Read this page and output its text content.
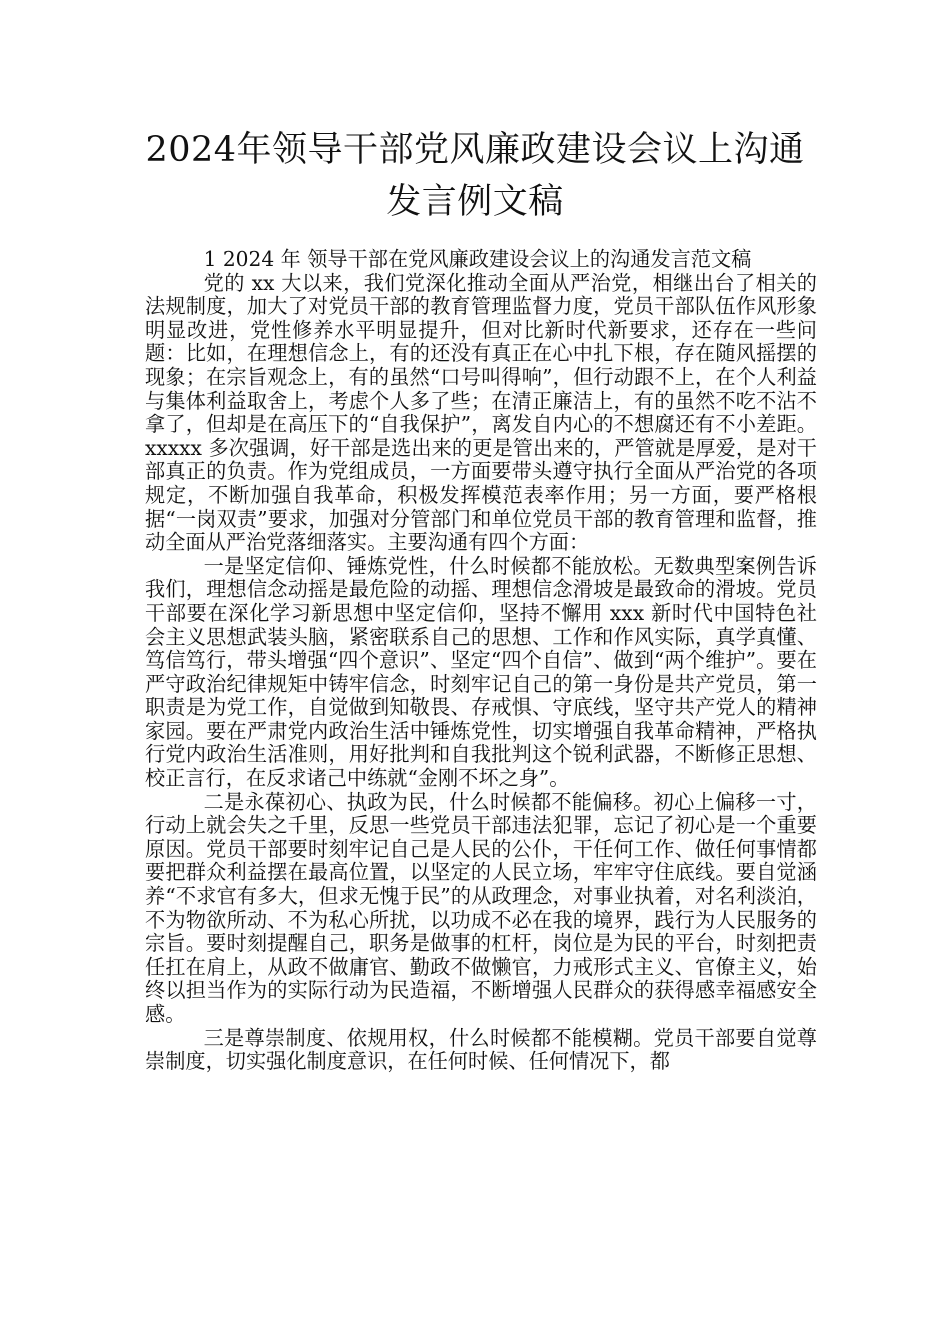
2024年领导干部党风廉政建设会议上沟通
发言例文稿

1 2024 年 领导干部在党风廉政建设会议上的沟通发言范文稿

党的 xx 大以来，我们党深化推动全面从严治党，相继出台了相关的法规制度，加大了对党员干部的教育管理监督力度，党员干部队伍作风形象明显改进，党性修养水平明显提升，但对比新时代新要求，还存在一些问题：比如，在理想信念上，有的还没有真正在心中扎下根，存在随风摇摆的现象；在宗旨观念上，有的虽然“口号叫得响”，但行动跟不上，在个人利益与集体利益取舍上，考虑个人多了些；在清正廉洁上，有的虽然不吃不沾不拿了，但却是在高压下的“自我保护”，离发自内心的不想腐还有不小差距。xxxxx 多次强调，好干部是选出来的更是管出来的，严管就是厚爱，是对干部真正的负责。作为党组成员，一方面要带头遵守执行全面从严治党的各项规定，不断加强自我革命，积极发挥模范表率作用；另一方面，要严格根据“一岗双责”要求，加强对分管部门和单位党员干部的教育管理和监督，推动全面从严治党落细落实。主要沟通有四个方面：

一是坚定信仰、锤炼党性，什么时候都不能放松。无数典型案例告诉我们，理想信念动摇是最危险的动摇、理想信念滑坡是最致命的滑坡。党员干部要在深化学习新思想中坚定信仰，坚持不懈用 xxx 新时代中国特色社会主义思想武装头脑，紧密联系自己的思想、工作和作风实际，真学真懂、笃信笃行，带头增强“四个意识”、坚定“四个自信”、做到“两个维护”。要在严守政治纪律规矩中铸牢信念，时刻牢记自己的第一身份是共产党员，第一职责是为党工作，自觉做到知敬畏、存戒惧、守底线，坚守共产党人的精神家园。要在严肃党内政治生活中锤炼党性，切实增强自我革命精神，严格执行党内政治生活准则，用好批判和自我批判这个锐利武器，不断修正思想、校正言行，在反求诸己中练就“金刚不坏之身”。

二是永葆初心、执政为民，什么时候都不能偏移。初心上偏移一寸，行动上就会失之千里，反思一些党员干部违法犯罪，忘记了初心是一个重要原因。党员干部要时刻牢记自己是人民的公仆，干任何工作、做任何事情都要把群众利益摆在最高位置，以坚定的人民立场，牢牢守住底线。要自觉涵养“不求官有多大，但求无愧于民”的从政理念，对事业执着，对名利淡泊，不为物欲所动、不为私心所扰，以功成不必在我的境界，践行为人民服务的宗旨。要时刻提醒自己，职务是做事的杠杆，岗位是为民的平台，时刻把责任扛在肩上，从政不做庸官、勤政不做懒官，力戒形式主义、官僚主义，始终以担当作为的实际行动为民造福，不断增强人民群众的获得感幸福感安全感。

三是尊崇制度、依规用权，什么时候都不能模糊。党员干部要自觉尊崇制度，切实强化制度意识，在任何时候、任何情况下，都
